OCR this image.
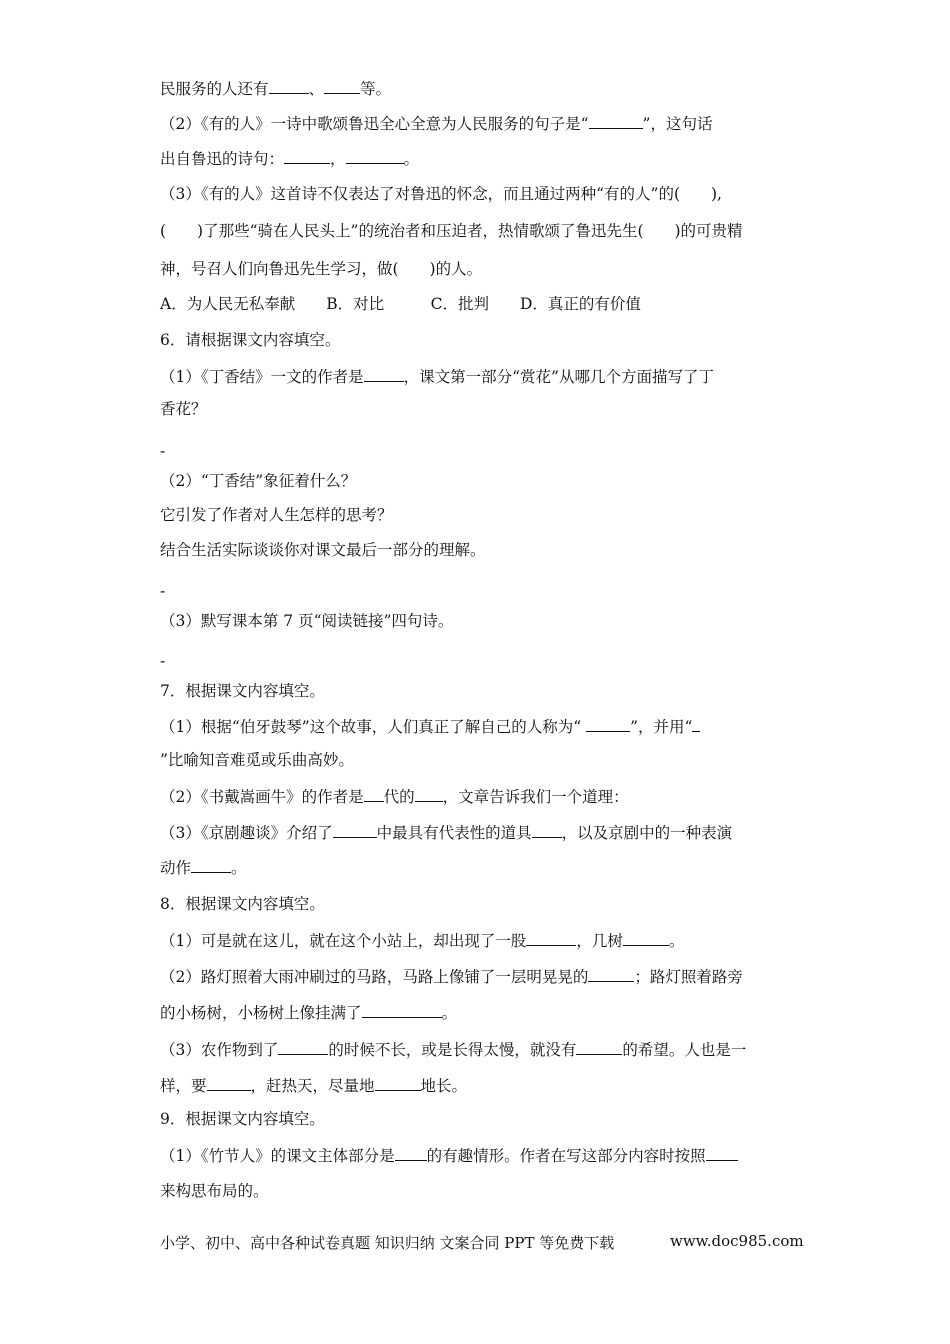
民服务的人还有	、 等。
（2）《有的人》一诗中歌颂鲁迅全心全意为人民服务的句子是“	”，这句话
出自鲁迅的诗句：	，	。
（3）《有的人》这首诗不仅表达了对鲁迅的怀念，而且通过两种“有的人”的(　　),
(　　)了那些“骑在人民头上”的统治者和压迫者，热情歌颂了鲁迅先生(　　)的可贵精
神，号召人们向鲁迅先生学习，做(　　)的人。
A．为人民无私奉献　　B．对比　　　C．批判　　D．真正的有价值
6．请根据课文内容填空。
（1）《丁香结》一文的作者是	，课文第一部分“赏花”从哪几个方面描写了丁
香花？
-
（2）“丁香结”象征着什么？
它引发了作者对人生怎样的思考？
结合生活实际谈谈你对课文最后一部分的理解。
-
（3）默写课本第 7 页“阅读链接”四句诗。
-
7．根据课文内容填空。
（1）根据“伯牙鼓琴”这个故事，人们真正了解自己的人称为“	”，并用“
”比喻知音难觅或乐曲高妙。
（2）《书戴嵩画牛》的作者是 代的 ，文章告诉我们一个道理：
（3）《京剧趣谈》介绍了	中最具有代表性的道具 ，以及京剧中的一种表演
动作	。
8．根据课文内容填空。
（1）可是就在这儿，就在这个小站上，却出现了一股	，几树	。
（2）路灯照着大雨冲刷过的马路，马路上像铺了一层明晃晃的	；路灯照着路旁
的小杨树，小杨树上像挂满了	。
（3）农作物到了	的时候不长，或是长得太慢，就没有	的希望。人也是一
样，要	，赶热天，尽量地	地长。
9．根据课文内容填空。
（1）《竹节人》的课文主体部分是 的有趣情形。作者在写这部分内容时按照
来构思布局的。
小学、初中、高中各种试卷真题 知识归纳 文案合同 PPT 等免费下载	www.doc985.com
